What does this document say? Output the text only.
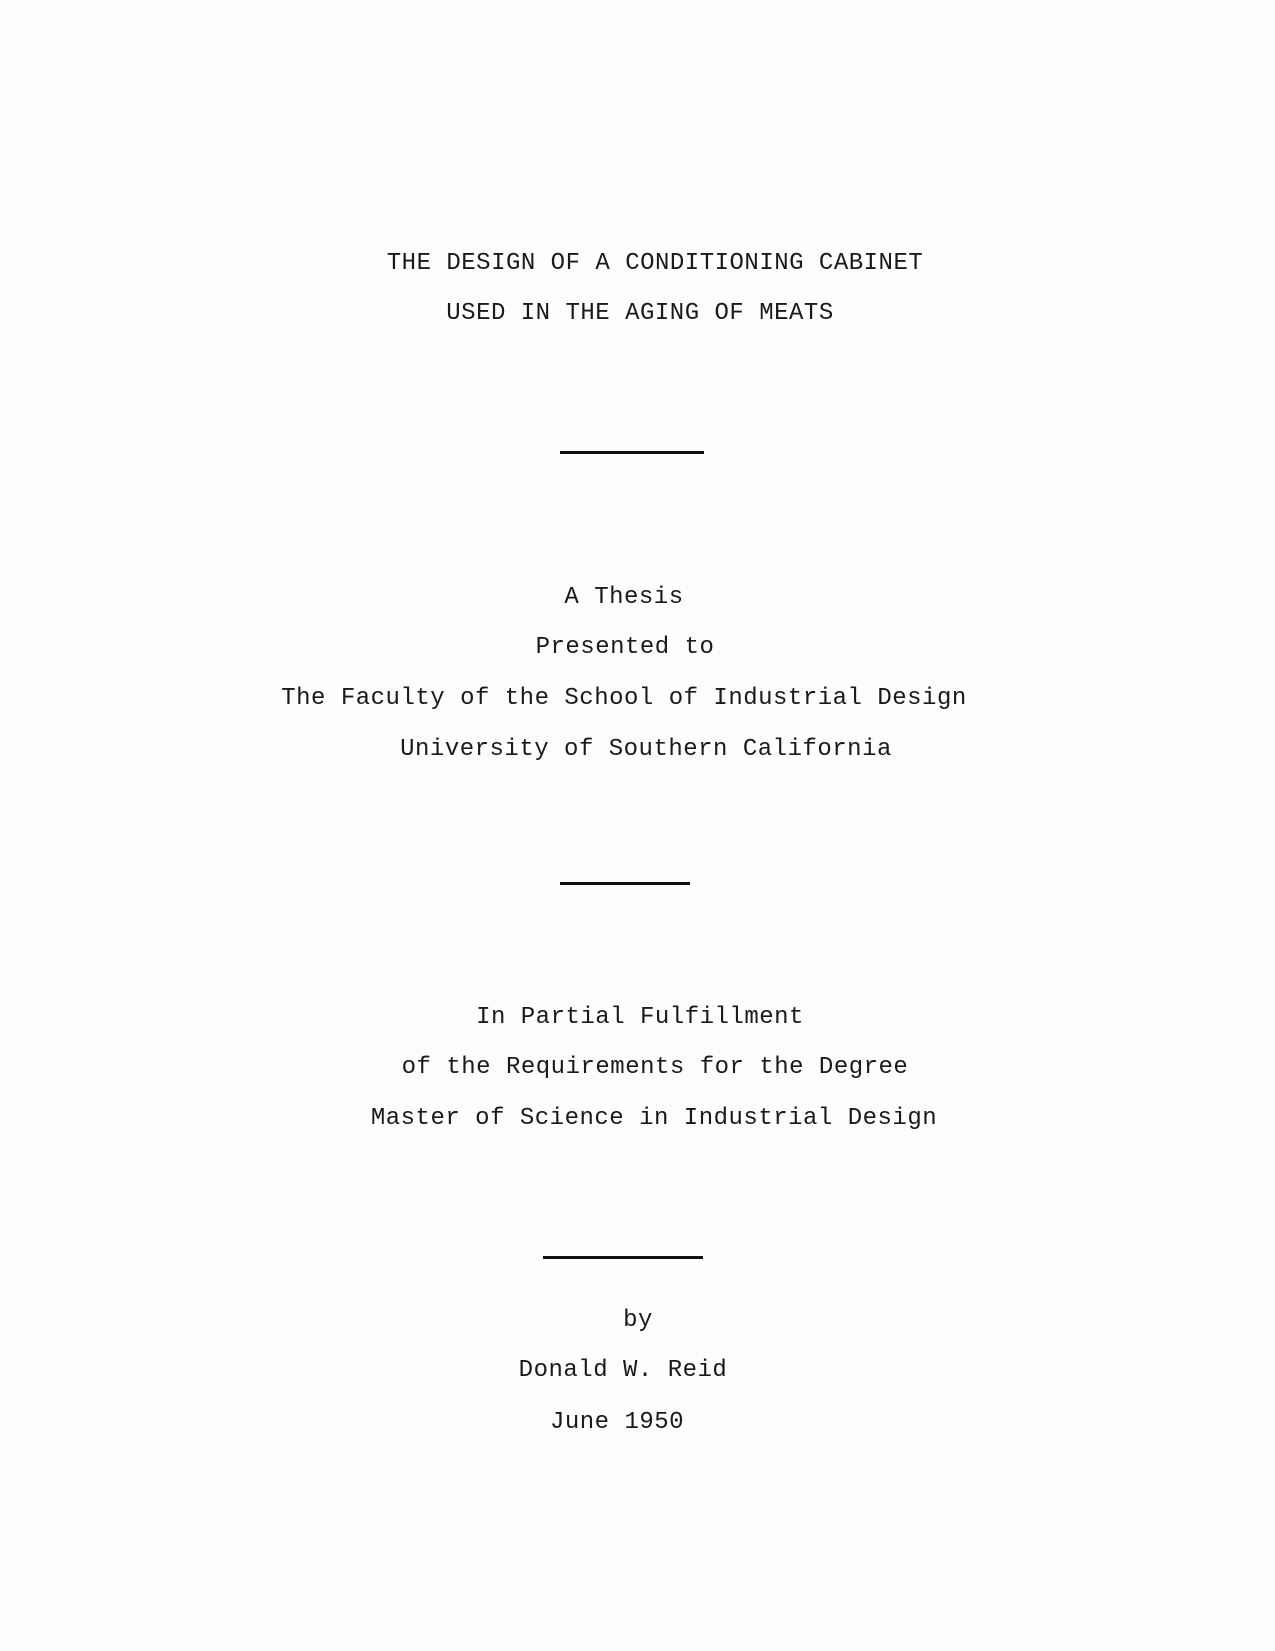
THE DESIGN OF A CONDITIONING CABINET
USED IN THE AGING OF MEATS
A Thesis
Presented to
The Faculty of the School of Industrial Design
University of Southern California
In Partial Fulfillment
of the Requirements for the Degree
Master of Science in Industrial Design
by
Donald W. Reid
June 1950
